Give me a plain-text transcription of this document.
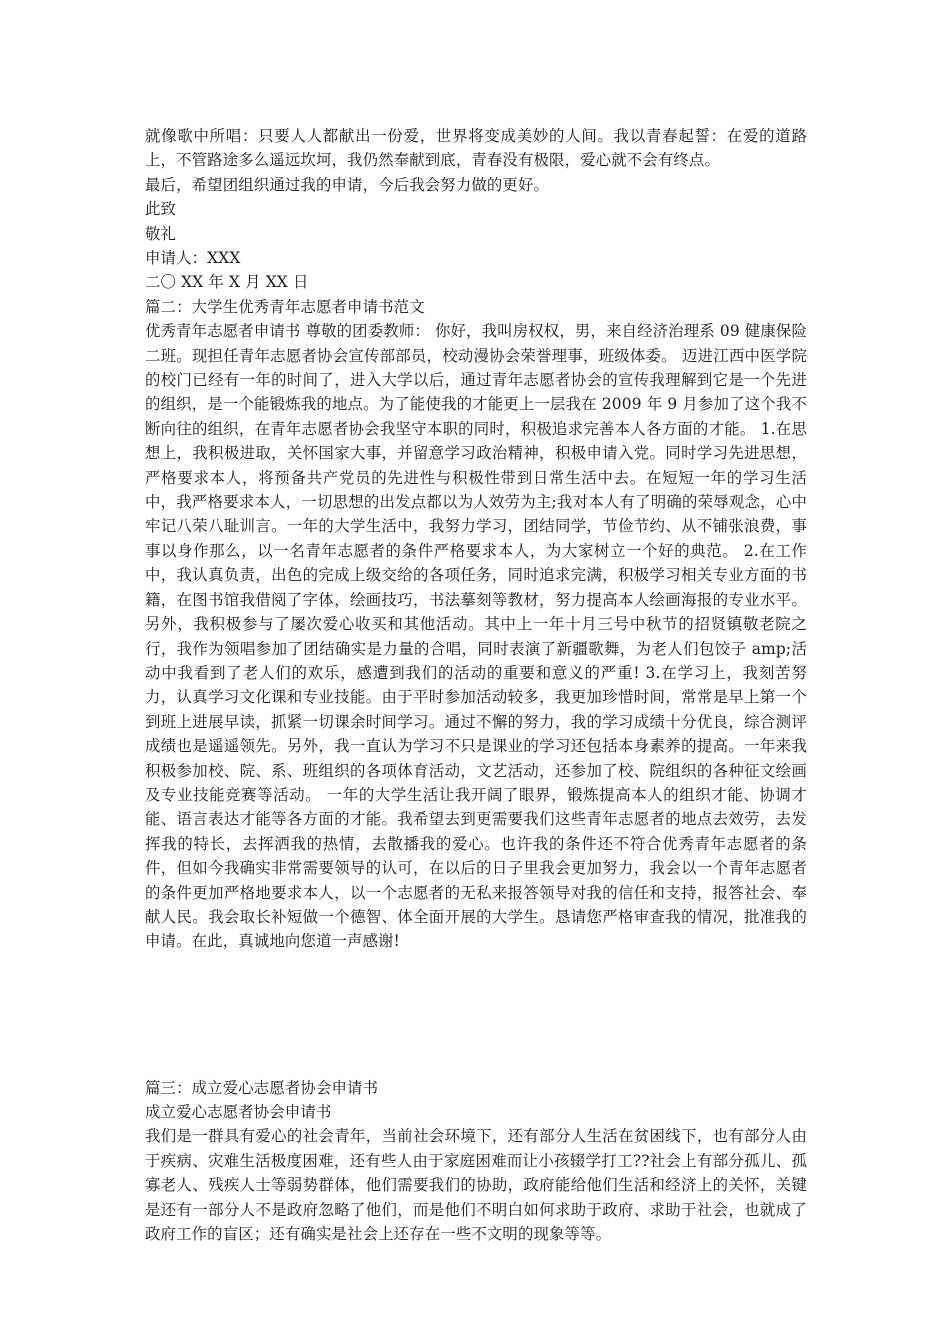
就像歌中所唱：只要人人都献出一份爱，世界将变成美妙的人间。我以青春起誓：在爱的道路上，不管路途多么遥远坎坷，我仍然奉献到底，青春没有极限，爱心就不会有终点。

最后，希望团组织通过我的申请，今后我会努力做的更好。

此致

敬礼

申请人：XXX

二〇 XX 年 X 月 XX 日

篇二：大学生优秀青年志愿者申请书范文

优秀青年志愿者申请书 尊敬的团委教师： 你好，我叫房权权，男，来自经济治理系 09 健康保险二班。现担任青年志愿者协会宣传部部员，校动漫协会荣誉理事，班级体委。 迈进江西中医学院的校门已经有一年的时间了，进入大学以后，通过青年志愿者协会的宣传我理解到它是一个先进的组织，是一个能锻炼我的地点。为了能使我的才能更上一层我在 2009 年 9 月参加了这个我不断向往的组织，在青年志愿者协会我坚守本职的同时，积极追求完善本人各方面的才能。 1.在思想上，我积极进取，关怀国家大事，并留意学习政治精神，积极申请入党。同时学习先进思想，严格要求本人，将预备共产党员的先进性与积极性带到日常生活中去。在短短一年的学习生活中，我严格要求本人，一切思想的出发点都以为人效劳为主;我对本人有了明确的荣辱观念，心中牢记八荣八耻训言。一年的大学生活中，我努力学习，团结同学，节俭节约、从不铺张浪费，事事以身作那么，以一名青年志愿者的条件严格要求本人，为大家树立一个好的典范。 2.在工作中，我认真负责，出色的完成上级交给的各项任务，同时追求完满，积极学习相关专业方面的书籍，在图书馆我借阅了字体，绘画技巧，书法摹刻等教材，努力提高本人绘画海报的专业水平。另外，我积极参与了屡次爱心收买和其他活动。其中上一年十月三号中秋节的招贤镇敬老院之行，我作为领唱参加了团结确实是力量的合唱，同时表演了新疆歌舞，为老人们包饺子 amp;活动中我看到了老人们的欢乐，感遭到我们的活动的重要和意义的严重! 3.在学习上，我刻苦努力，认真学习文化课和专业技能。由于平时参加活动较多，我更加珍惜时间，常常是早上第一个到班上进展早读，抓紧一切课余时间学习。通过不懈的努力，我的学习成绩十分优良，综合测评成绩也是遥遥领先。另外，我一直认为学习不只是课业的学习还包括本身素养的提高。一年来我积极参加校、院、系、班组织的各项体育活动，文艺活动，还参加了校、院组织的各种征文绘画及专业技能竞赛等活动。 一年的大学生活让我开阔了眼界，锻炼提高本人的组织才能、协调才能、语言表达才能等各方面的才能。我希望去到更需要我们这些青年志愿者的地点去效劳，去发挥我的特长，去挥洒我的热情，去散播我的爱心。也许我的条件还不符合优秀青年志愿者的条件，但如今我确实非常需要领导的认可，在以后的日子里我会更加努力，我会以一个青年志愿者的条件更加严格地要求本人，以一个志愿者的无私来报答领导对我的信任和支持，报答社会、奉献人民。我会取长补短做一个德智、体全面开展的大学生。恳请您严格审查我的情况，批准我的申请。在此，真诚地向您道一声感谢!

篇三：成立爱心志愿者协会申请书

成立爱心志愿者协会申请书

我们是一群具有爱心的社会青年，当前社会环境下，还有部分人生活在贫困线下，也有部分人由于疾病、灾难生活极度困难，还有些人由于家庭困难而让小孩辍学打工??社会上有部分孤儿、孤寡老人、残疾人士等弱势群体，他们需要我们的协助，政府能给他们生活和经济上的关怀，关键是还有一部分人不是政府忽略了他们，而是他们不明白如何求助于政府、求助于社会，也就成了政府工作的盲区；还有确实是社会上还存在一些不文明的现象等等。
